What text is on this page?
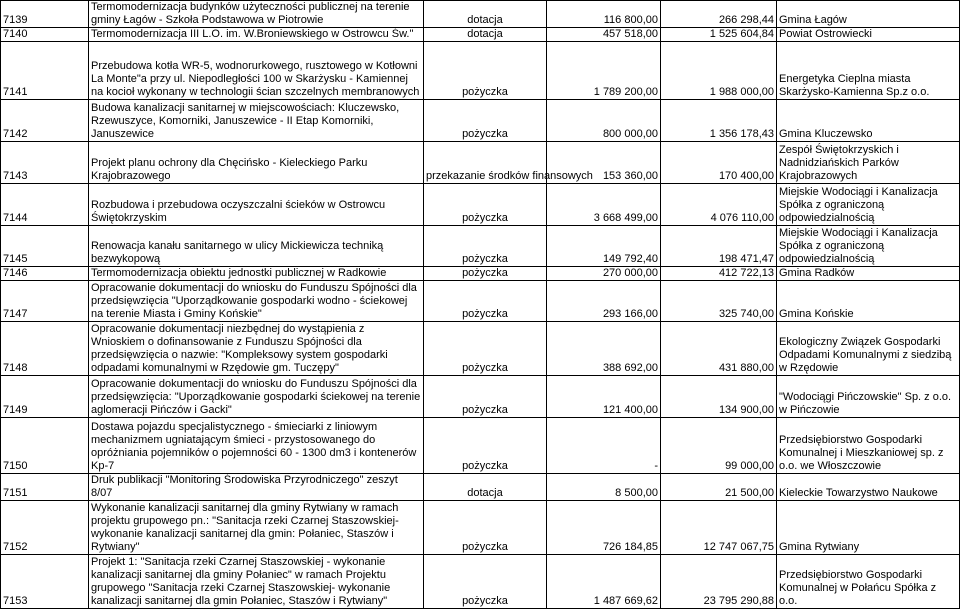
7139	Termomodernizacja budynków użyteczności publicznej na terenie gminy Łagów - Szkoła Podstawowa w Piotrowie	dotacja	116 800,00	266 298,44	Gmina Łagów
7140	Termomodernizacja III L.O. im. W.Broniewskiego w Ostrowcu Św."	dotacja	457 518,00	1 525 604,84	Powiat Ostrowiecki
7141	Przebudowa kotła WR-5, wodnorurkowego, rusztowego w Kotłowni La Monte"a przy ul. Niepodległości 100 w Skarżysku - Kamiennej na kocioł wykonany w technologii ścian szczelnych membranowych	pożyczka	1 789 200,00	1 988 000,00	Energetyka Cieplna miasta Skarżysko-Kamienna Sp.z o.o.
7142	Budowa kanalizacji sanitarnej w miejscowościach: Kluczewsko, Rzewuszyce, Komorniki, Januszewice - II Etap Komorniki, Januszewice	pożyczka	800 000,00	1 356 178,43	Gmina Kluczewsko
7143	Projekt planu ochrony dla Chęcińsko - Kieleckiego Parku Krajobrazowego	przekazanie środków finansowych	153 360,00	170 400,00	Zespół Świętokrzyskich i Nadnidziańskich Parków Krajobrazowych
7144	Rozbudowa i przebudowa oczyszczalni ścieków w Ostrowcu Świętokrzyskim	pożyczka	3 668 499,00	4 076 110,00	Miejskie Wodociągi i Kanalizacja Spółka z ograniczoną odpowiedzialnością
7145	Renowacja kanału sanitarnego w ulicy Mickiewicza techniką bezwykopową	pożyczka	149 792,40	198 471,47	Miejskie Wodociągi i Kanalizacja Spółka z ograniczoną odpowiedzialnością
7146	Termomodernizacja obiektu jednostki publicznej w Radkowie	pożyczka	270 000,00	412 722,13	Gmina Radków
7147	Opracowanie dokumentacji do wniosku do Funduszu Spójności dla przedsięwzięcia "Uporządkowanie gospodarki wodno - ściekowej na terenie Miasta i Gminy Końskie"	pożyczka	293 166,00	325 740,00	Gmina Końskie
7148	Opracowanie dokumentacji niezbędnej do wystąpienia z Wnioskiem o dofinansowanie z Funduszu Spójności dla przedsięwzięcia o nazwie: "Kompleksowy system gospodarki odpadami komunalnymi w Rzędowie gm. Tuczępy"	pożyczka	388 692,00	431 880,00	Ekologiczny Związek Gospodarki Odpadami Komunalnymi z siedzibą w Rzędowie
7149	Opracowanie dokumentacji do wniosku do Funduszu Spójności dla przedsięwzięcia: "Uporządkowanie gospodarki ściekowej na terenie aglomeracji Pińczów i Gacki"	pożyczka	121 400,00	134 900,00	"Wodociągi Pińczowskie" Sp. z o.o. w Pińczowie
7150	Dostawa pojazdu specjalistycznego - śmieciarki z liniowym mechanizmem ugniatającym śmieci - przystosowanego do opróżniania pojemników o pojemności 60 - 1300 dm3 i kontenerów Kp-7	pożyczka	-	99 000,00	Przedsiębiorstwo Gospodarki Komunalnej i Mieszkaniowej sp. z o.o. we Włoszczowie
7151	Druk publikacji "Monitoring Środowiska Przyrodniczego" zeszyt 8/07	dotacja	8 500,00	21 500,00	Kieleckie Towarzystwo Naukowe
7152	Wykonanie kanalizacji sanitarnej dla gminy Rytwiany w ramach projektu grupowego pn.: "Sanitacja rzeki Czarnej Staszowskiej-wykonanie kanalizacji sanitarnej dla gmin: Połaniec, Staszów i Rytwiany"	pożyczka	726 184,85	12 747 067,75	Gmina Rytwiany
7153	Projekt 1: "Sanitacja rzeki Czarnej Staszowskiej - wykonanie kanalizacji sanitarnej dla gminy Połaniec" w ramach Projektu grupowego "Sanitacja rzeki Czarnej Staszowskiej- wykonanie kanalizacji sanitarnej dla gmin Połaniec, Staszów i Rytwiany"	pożyczka	1 487 669,62	23 795 290,88	Przedsiębiorstwo Gospodarki Komunalnej w Połańcu Spółka z o.o.
